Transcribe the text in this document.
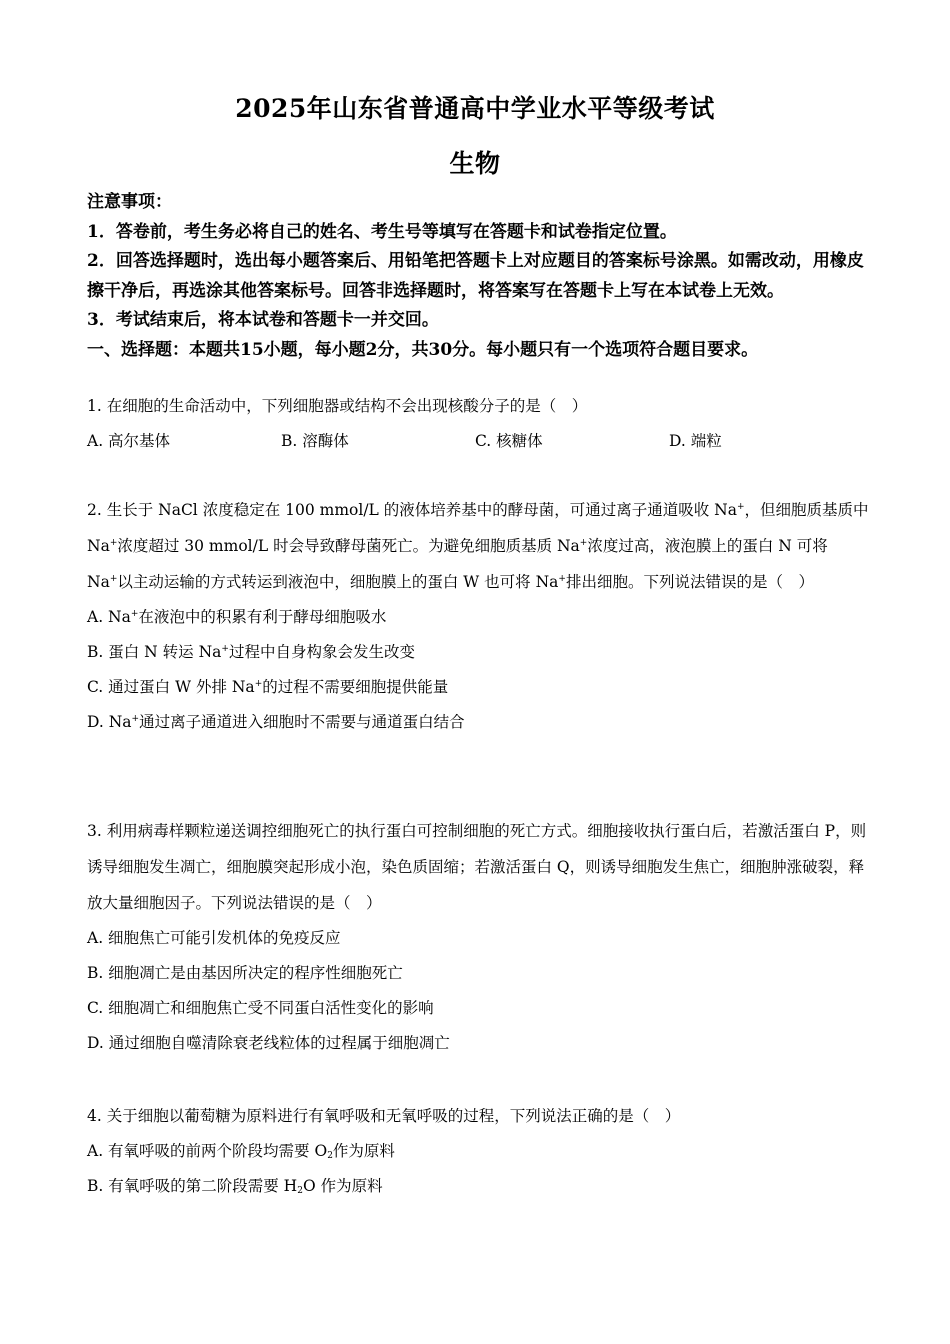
2025年山东省普通高中学业水平等级考试
生物
注意事项：
1．答卷前，考生务必将自己的姓名、考生号等填写在答题卡和试卷指定位置。
2．回答选择题时，选出每小题答案后、用铅笔把答题卡上对应题目的答案标号涂黑。如需改动，用橡皮擦干净后，再选涂其他答案标号。回答非选择题时，将答案写在答题卡上写在本试卷上无效。
3．考试结束后，将本试卷和答题卡一并交回。
一、选择题：本题共15小题，每小题2分，共30分。每小题只有一个选项符合题目要求。
1. 在细胞的生命活动中，下列细胞器或结构不会出现核酸分子的是（　）
A. 高尔基体	B. 溶酶体	C. 核糖体	D. 端粒
2. 生长于 NaCl 浓度稳定在 100 mmol/L 的液体培养基中的酵母菌，可通过离子通道吸收 Na+，但细胞质基质中 Na+浓度超过 30 mmol/L 时会导致酵母菌死亡。为避免细胞质基质 Na+浓度过高，液泡膜上的蛋白 N 可将 Na+以主动运输的方式转运到液泡中，细胞膜上的蛋白 W 也可将 Na+排出细胞。下列说法错误的是（　）
A. Na+在液泡中的积累有利于酵母细胞吸水
B. 蛋白 N 转运 Na+过程中自身构象会发生改变
C. 通过蛋白 W 外排 Na+的过程不需要细胞提供能量
D. Na+通过离子通道进入细胞时不需要与通道蛋白结合
3. 利用病毒样颗粒递送调控细胞死亡的执行蛋白可控制细胞的死亡方式。细胞接收执行蛋白后，若激活蛋白 P，则诱导细胞发生凋亡，细胞膜突起形成小泡，染色质固缩；若激活蛋白 Q，则诱导细胞发生焦亡，细胞肿涨破裂，释放大量细胞因子。下列说法错误的是（　）
A. 细胞焦亡可能引发机体的免疫反应
B. 细胞凋亡是由基因所决定的程序性细胞死亡
C. 细胞凋亡和细胞焦亡受不同蛋白活性变化的影响
D. 通过细胞自噬清除衰老线粒体的过程属于细胞凋亡
4. 关于细胞以葡萄糖为原料进行有氧呼吸和无氧呼吸的过程，下列说法正确的是（　）
A. 有氧呼吸的前两个阶段均需要 $O_2$作为原料
B. 有氧呼吸的第二阶段需要 $H_2O$ 作为原料
